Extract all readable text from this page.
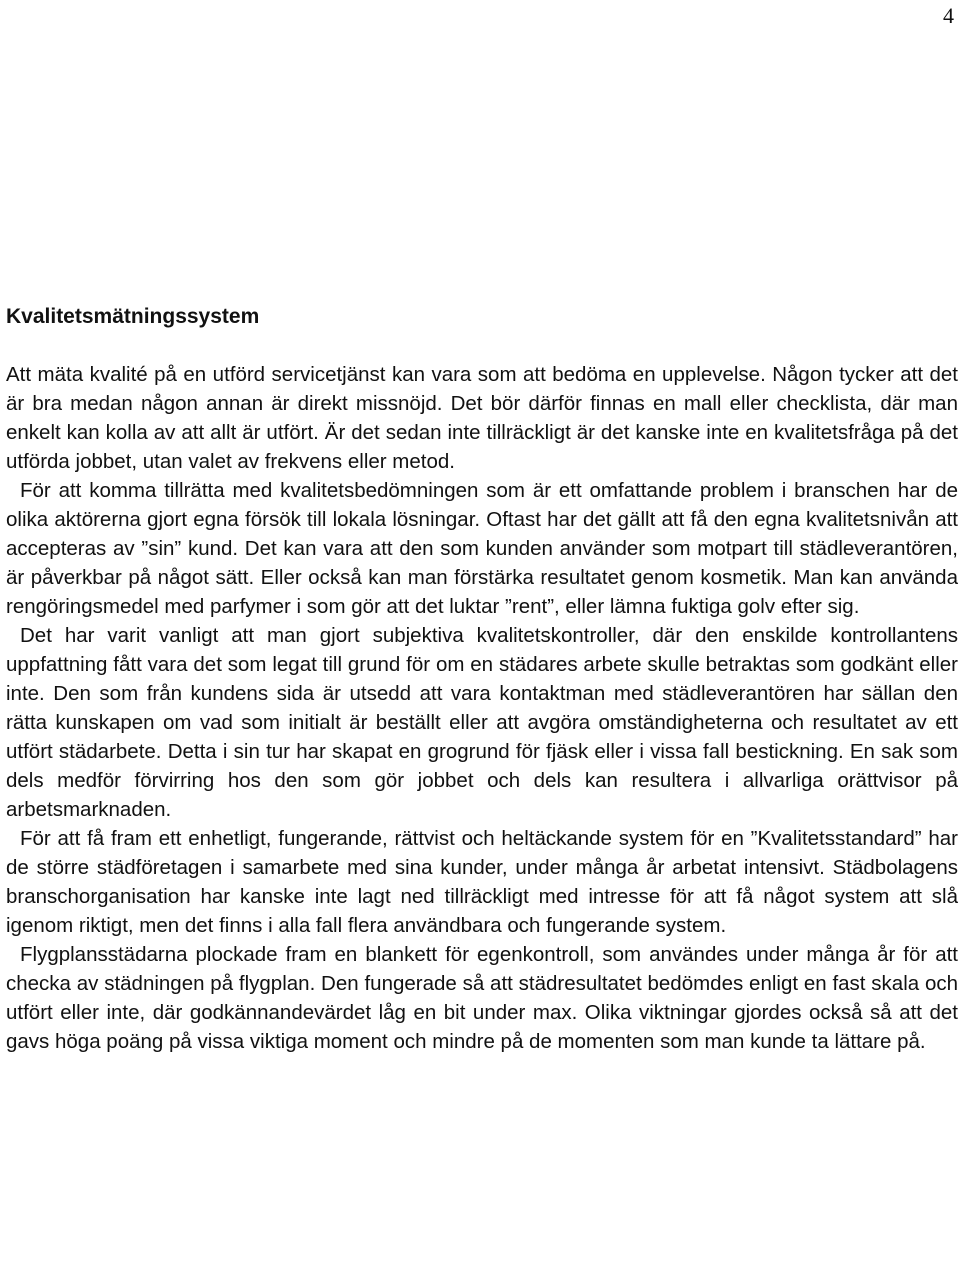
4
Kvalitetsmätningssystem

Att mäta kvalité på en utförd servicetjänst kan vara som att bedöma en upplevelse. Någon tycker att det är bra medan någon annan är direkt missnöjd. Det bör därför finnas en mall eller checklista, där man enkelt kan kolla av att allt är utfört. Är det sedan inte tillräckligt är det kanske inte en kvalitetsfråga på det utförda jobbet, utan valet av frekvens eller metod.

För att komma tillrätta med kvalitetsbedömningen som är ett omfattande problem i branschen har de olika aktörerna gjort egna försök till lokala lösningar. Oftast har det gällt att få den egna kvalitetsnivån att accepteras av ”sin” kund. Det kan vara att den som kunden använder som motpart till städleverantören, är påverkbar på något sätt. Eller också kan man förstärka resultatet genom kosmetik. Man kan använda rengöringsmedel med parfymer i som gör att det luktar ”rent”, eller lämna fuktiga golv efter sig.

Det har varit vanligt att man gjort subjektiva kvalitetskontroller, där den enskilde kontrollantens uppfattning fått vara det som legat till grund för om en städares arbete skulle betraktas som godkänt eller inte. Den som från kundens sida är utsedd att vara kontaktman med städleverantören har sällan den rätta kunskapen om vad som initialt är beställt eller att avgöra omständigheterna och resultatet av ett utfört städarbete. Detta i sin tur har skapat en grogrund för fjäsk eller i vissa fall bestickning. En sak som dels medför förvirring hos den som gör jobbet och dels kan resultera i allvarliga orättvisor på arbetsmarknaden.

För att få fram ett enhetligt, fungerande, rättvist och heltäckande system för en ”Kvalitetsstandard” har de större städföretagen i samarbete med sina kunder, under många år arbetat intensivt. Städbolagens branschorganisation har kanske inte lagt ned tillräckligt med intresse för att få något system att slå igenom riktigt, men det finns i alla fall flera användbara och fungerande system.

Flygplansstädarna plockade fram en blankett för egenkontroll, som användes under många år för att checka av städningen på flygplan. Den fungerade så att städresultatet bedömdes enligt en fast skala och utfört eller inte, där godkännandevärdet låg en bit under max. Olika viktningar gjordes också så att det gavs höga poäng på vissa viktiga moment och mindre på de momenten som man kunde ta lättare på.
